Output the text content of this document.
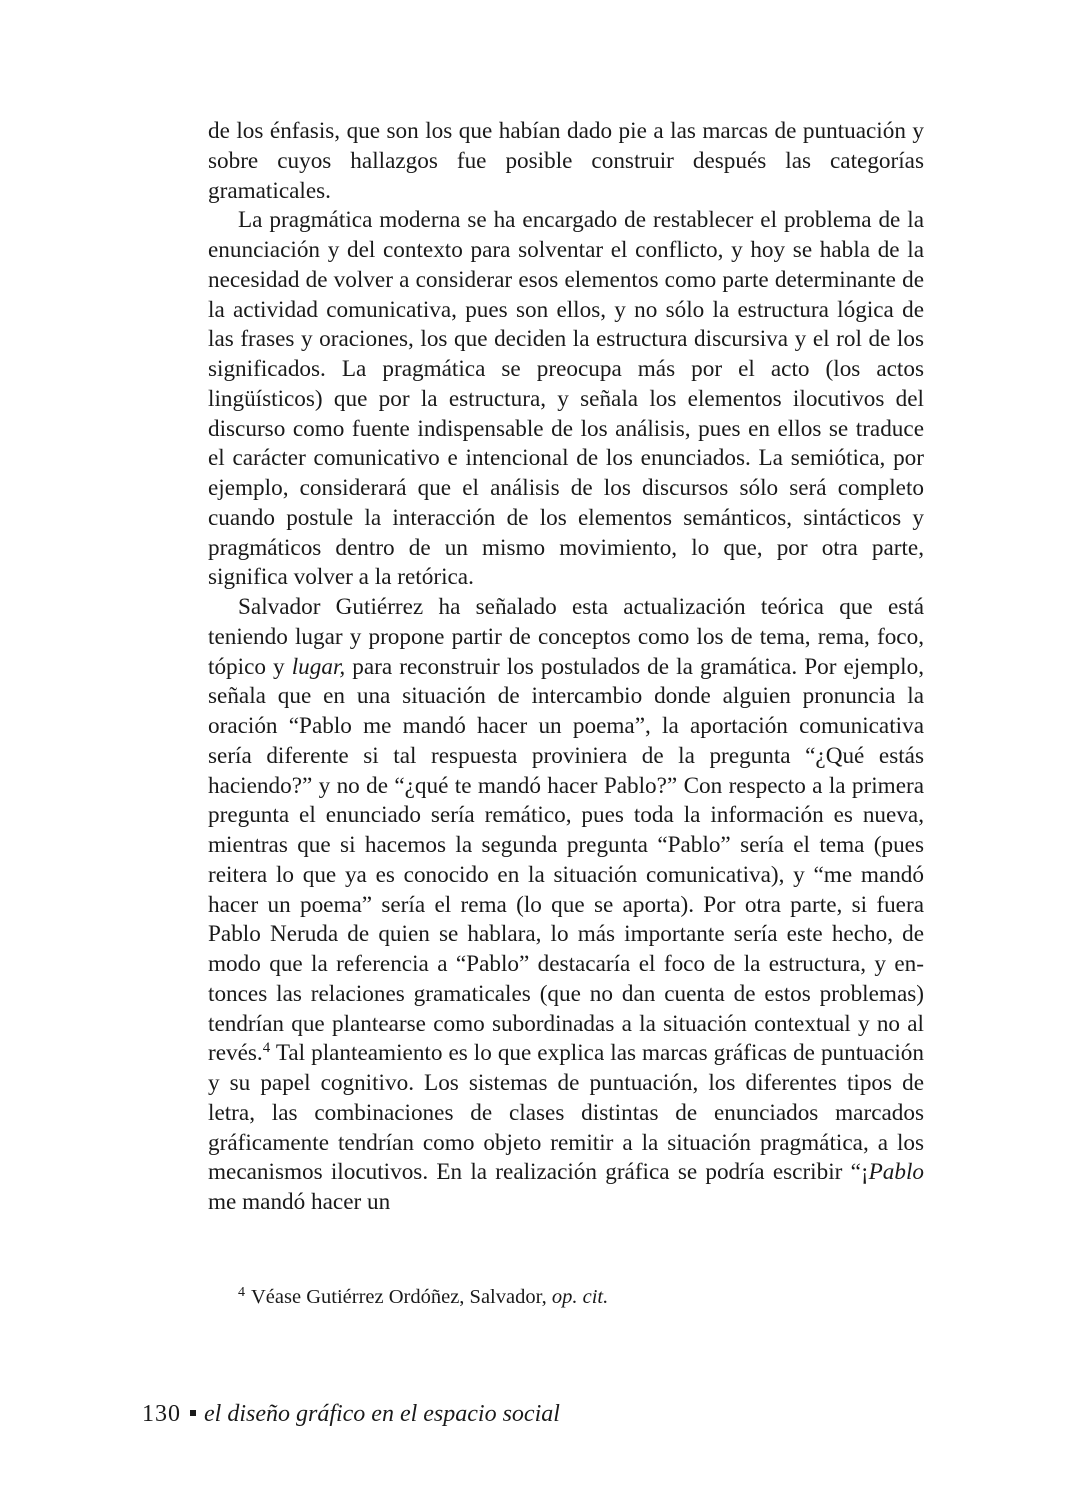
de los énfasis, que son los que habían dado pie a las marcas de puntuación y sobre cuyos hallazgos fue posible construir después las categorías gramaticales.

La pragmática moderna se ha encargado de restablecer el problema de la enunciación y del contexto para solventar el conflicto, y hoy se habla de la necesidad de volver a considerar esos elementos como parte determinante de la actividad comunicativa, pues son ellos, y no sólo la estructura lógica de las frases y oraciones, los que deciden la estructura discursiva y el rol de los significados. La pragmática se preocupa más por el acto (los actos lingüísticos) que por la estructura, y señala los elementos ilocutivos del discurso como fuente indispensable de los análisis, pues en ellos se traduce el carácter comunicativo e intencional de los enunciados. La semiótica, por ejemplo, considerará que el análisis de los discursos sólo será completo cuando postule la interacción de los elementos semánticos, sintácticos y pragmáticos dentro de un mismo movimiento, lo que, por otra parte, significa volver a la retórica.

Salvador Gutiérrez ha señalado esta actualización teórica que está teniendo lugar y propone partir de conceptos como los de tema, rema, foco, tópico y lugar, para reconstruir los postulados de la gramática. Por ejemplo, señala que en una situación de intercambio donde alguien pronuncia la oración “Pablo me mandó hacer un poema”, la aportación comunicativa sería diferente si tal respuesta proviniera de la pregunta “¿Qué estás haciendo?” y no de “¿qué te mandó hacer Pablo?” Con respecto a la primera pregunta el enunciado sería remático, pues toda la información es nueva, mientras que si hacemos la segunda pregunta “Pablo” sería el tema (pues reitera lo que ya es conocido en la situación comunicativa), y “me mandó hacer un poema” sería el rema (lo que se aporta). Por otra parte, si fuera Pablo Neruda de quien se hablara, lo más importante sería este hecho, de modo que la referencia a “Pablo” destacaría el foco de la estructura, y entonces las relaciones gramaticales (que no dan cuenta de estos problemas) tendrían que plantearse como subordinadas a la situación contextual y no al revés.$^4$ Tal planteamiento es lo que explica las marcas gráficas de puntuación y su papel cognitivo. Los sistemas de puntuación, los diferentes tipos de letra, las combinaciones de clases distintas de enunciados marcados gráficamente tendrían como objeto remitir a la situación pragmática, a los mecanismos ilocutivos. En la realización gráfica se podría escribir “¡Pablo me mandó hacer un

$^4$ Véase Gutiérrez Ordóñez, Salvador, op. cit.
130 el diseño gráfico en el espacio social
